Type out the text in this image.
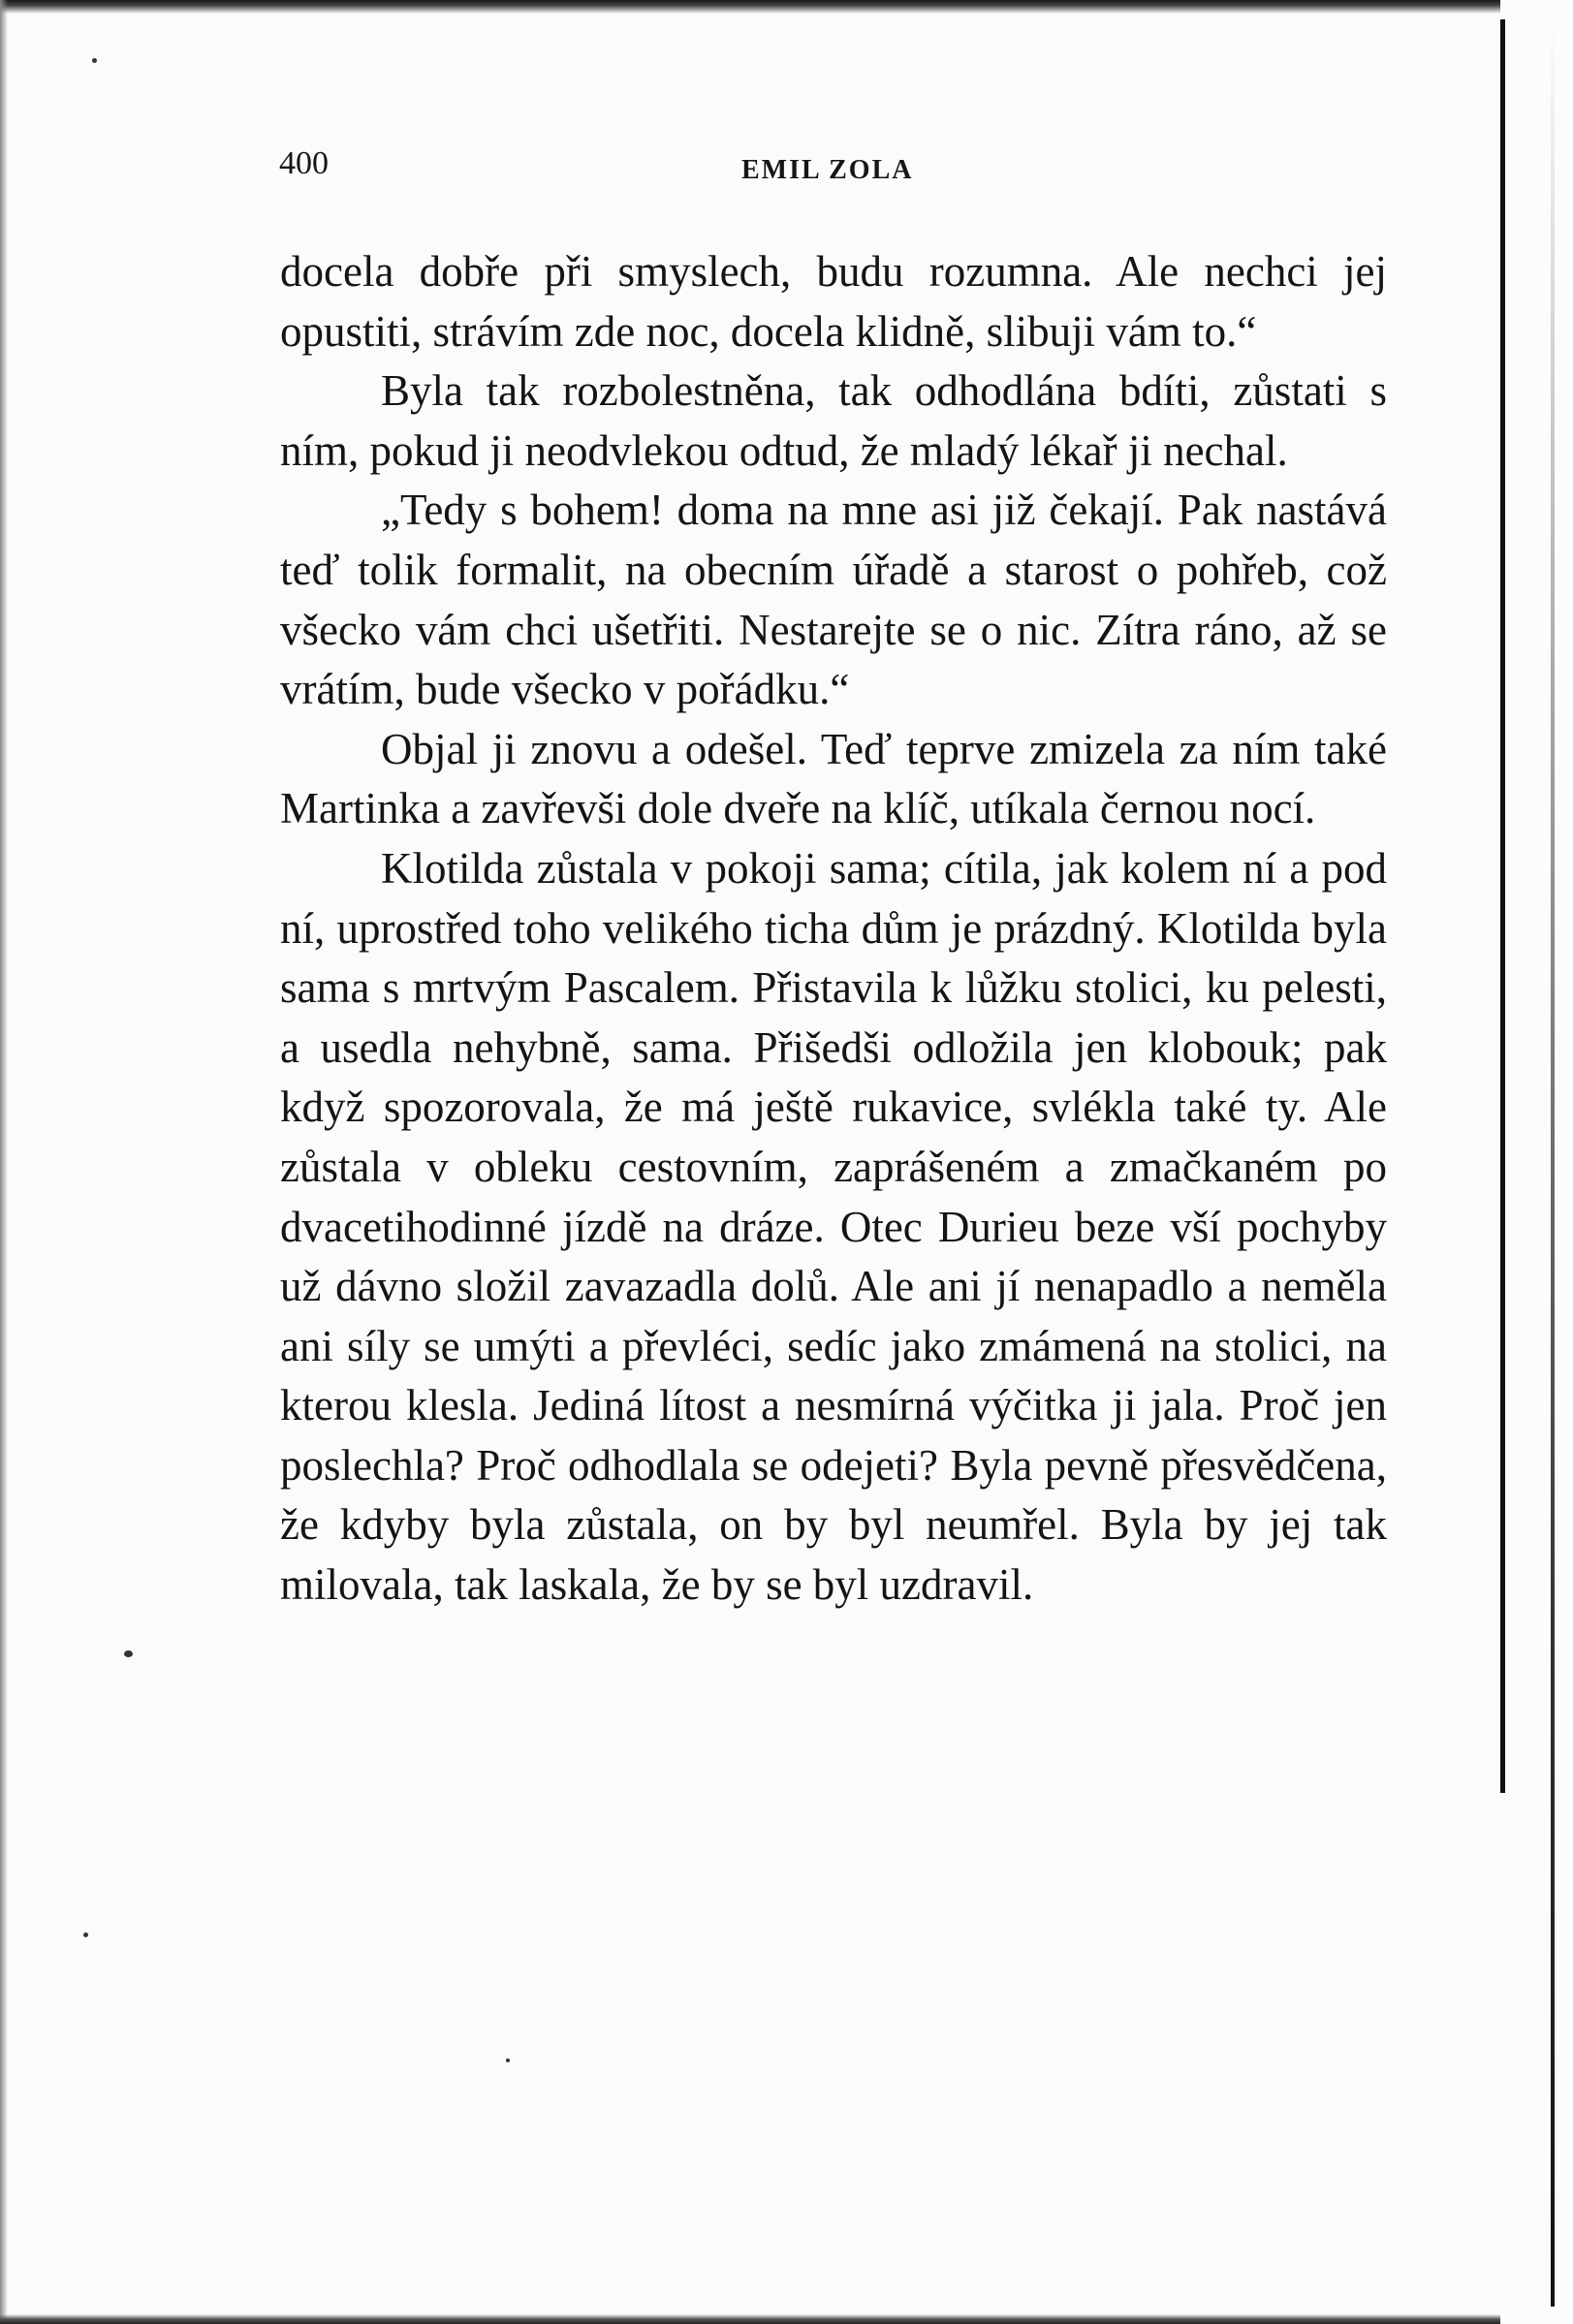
400	EMIL ZOLA

docela dobře při smyslech, budu rozumna. Ale nechci jej opustiti, strávím zde noc, docela klidně, slibuji vám to.“

Byla tak rozbolestněna, tak odhodlána bdíti, zůstati s ním, pokud ji neodvlekou odtud, že mladý lékař ji nechal.

„Tedy s bohem! doma na mne asi již čekají. Pak nastává teď tolik formalit, na obecním úřadě a starost o pohřeb, což všecko vám chci ušetřiti. Nestarejte se o nic. Zítra ráno, až se vrátím, bude všecko v pořádku.“

Objal ji znovu a odešel. Teď teprve zmizela za ním také Martinka a zavřevši dole dveře na klíč, utíkala černou nocí.

Klotilda zůstala v pokoji sama; cítila, jak kolem ní a pod ní, uprostřed toho velikého ticha dům je prázdný. Klotilda byla sama s mrtvým Pascalem. Přistavila k lůžku stolici, ku pelesti, a usedla nehybně, sama. Přišedši odložila jen klobouk; pak když spozorovala, že má ještě rukavice, svlékla také ty. Ale zůstala v obleku cestovním, zaprášeném a zmačkaném po dvacetihodinné jízdě na dráze. Otec Durieu beze vší pochyby už dávno složil zavazadla dolů. Ale ani jí nenapadlo a neměla ani síly se umýti a převléci, sedíc jako zmámená na stolici, na kterou klesla. Jediná lítost a nesmírná výčitka ji jala. Proč jen poslechla? Proč odhodlala se odejeti? Byla pevně přesvědčena, že kdyby byla zůstala, on by byl neumřel. Byla by jej tak milovala, tak laskala, že by se byl uzdravil.
